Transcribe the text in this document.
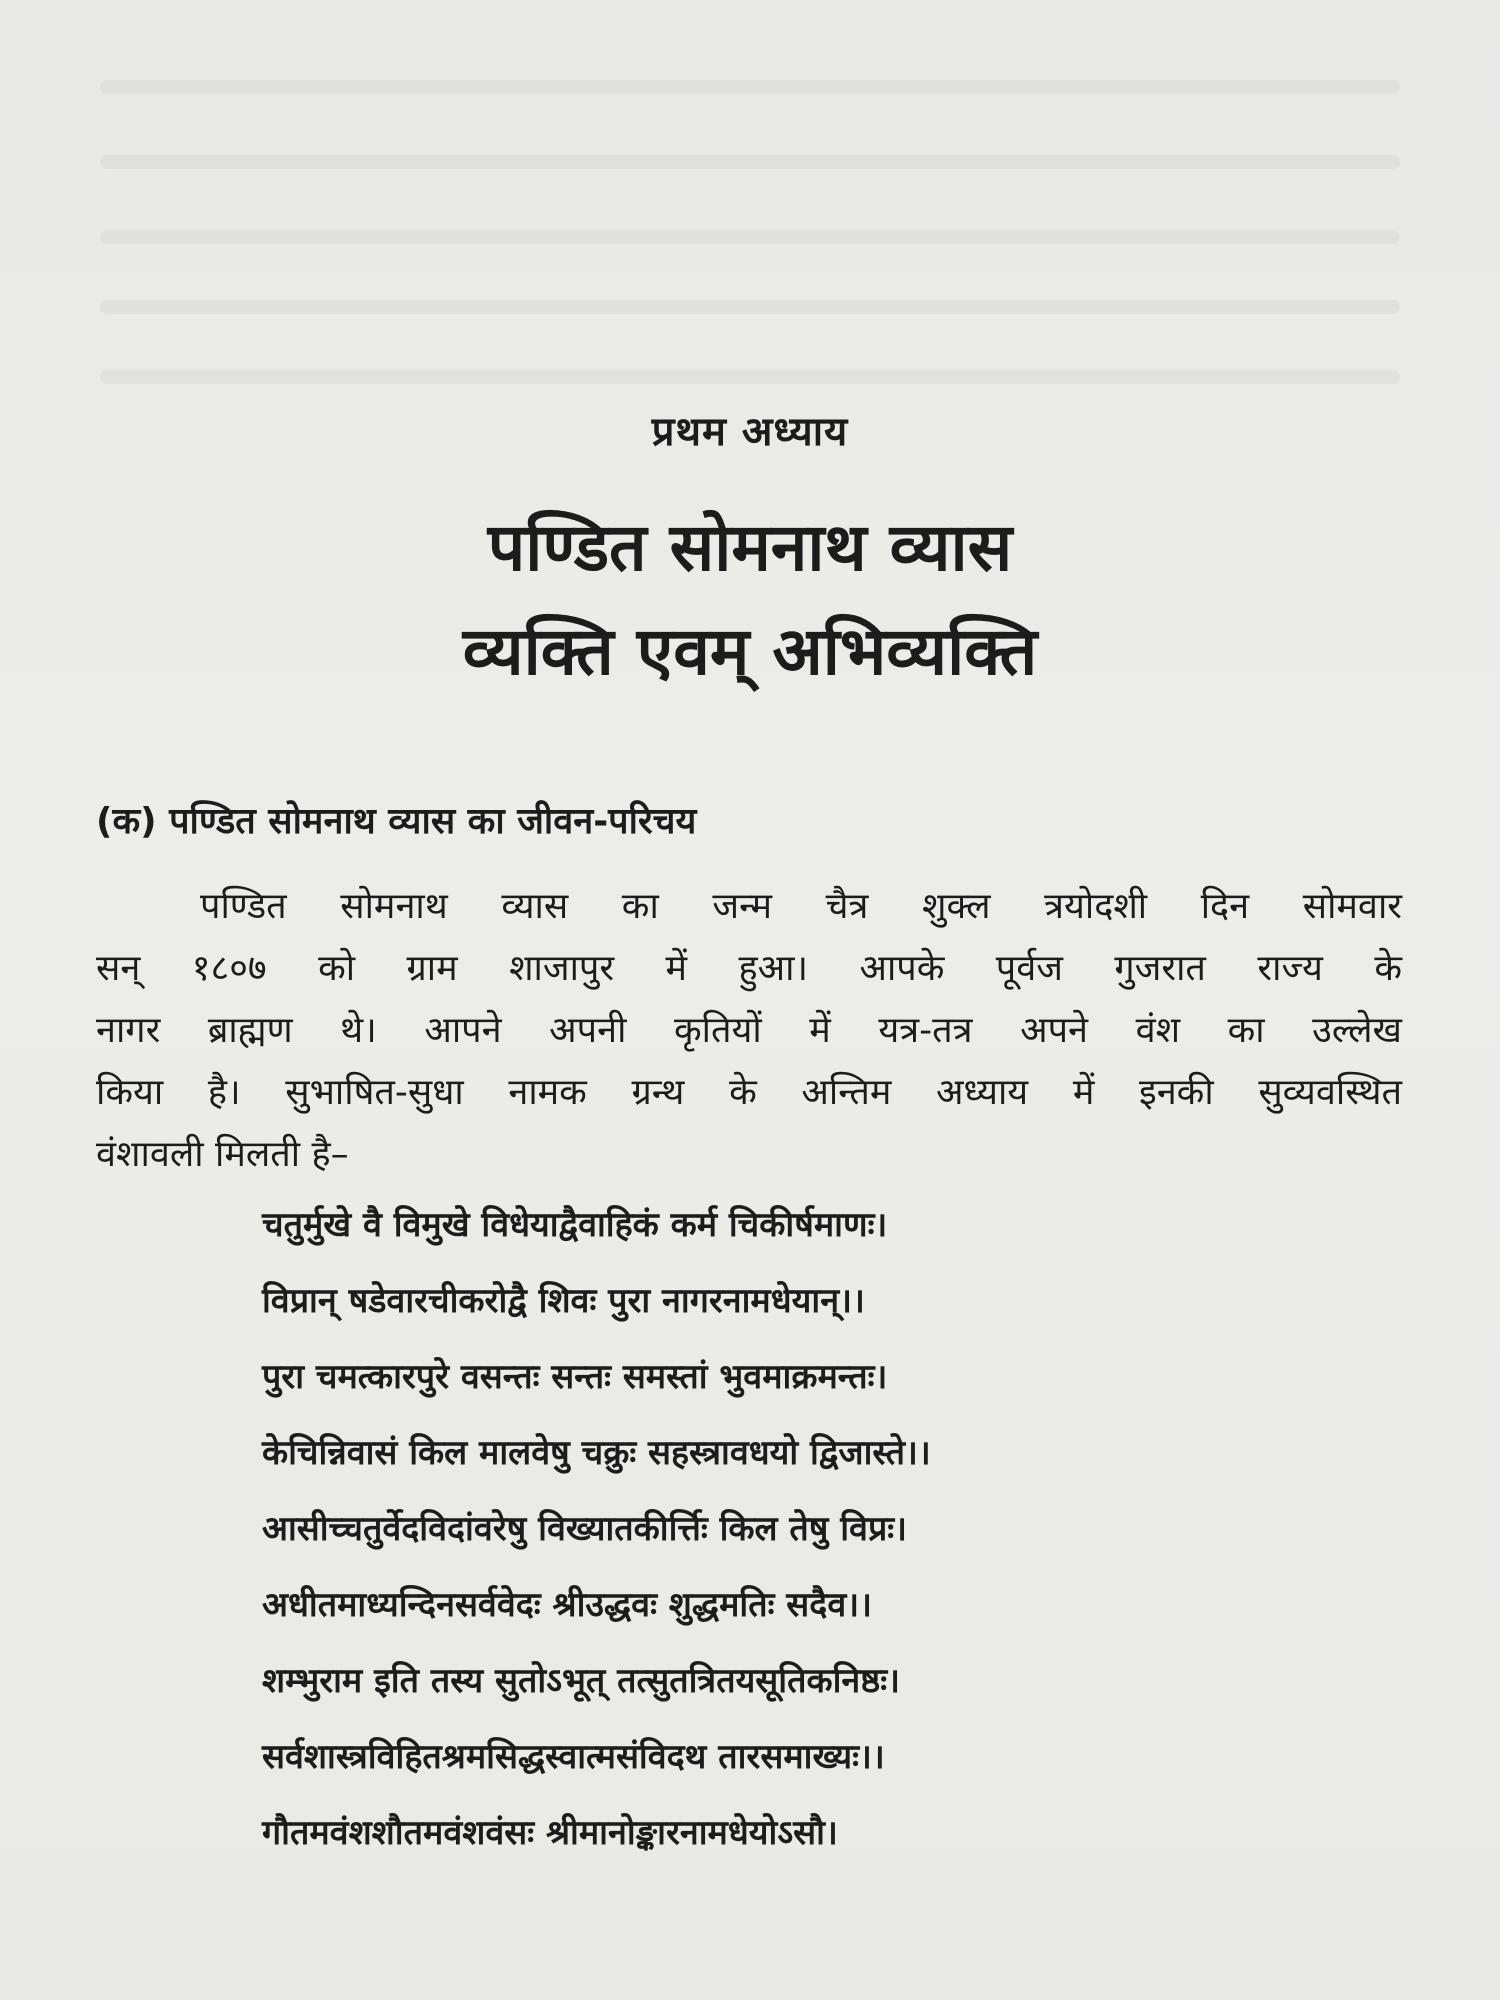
प्रथम अध्याय
पण्डित सोमनाथ व्यास
व्यक्ति एवम् अभिव्यक्ति
(क) पण्डित सोमनाथ व्यास का जीवन-परिचय
पण्डित सोमनाथ व्यास का जन्म चैत्र शुक्ल त्रयोदशी दिन सोमवार
सन् १८०७ को ग्राम शाजापुर में हुआ। आपके पूर्वज गुजरात राज्य के
नागर ब्राह्मण थे। आपने अपनी कृतियों में यत्र-तत्र अपने वंश का उल्लेख
किया है। सुभाषित-सुधा नामक ग्रन्थ के अन्तिम अध्याय में इनकी सुव्यवस्थित
वंशावली मिलती है–
चतुर्मुखे वै विमुखे विधेयाद्वैवाहिकं कर्म चिकीर्षमाणः।
विप्रान् षडेवारचीकरोद्वै शिवः पुरा नागरनामधेयान्।।
पुरा चमत्कारपुरे वसन्तः सन्तः समस्तां भुवमाक्रमन्तः।
केचिन्निवासं किल मालवेषु चक्रुः सहस्त्रावधयो द्विजास्ते।।
आसीच्चतुर्वेदविदांवरेषु विख्यातकीर्त्तिः किल तेषु विप्रः।
अधीतमाध्यन्दिनसर्ववेदः श्रीउद्धवः शुद्धमतिः सदैव।।
शम्भुराम इति तस्य सुतोऽभूत् तत्सुतत्रितयसूतिकनिष्ठः।
सर्वशास्त्रविहितश्रमसिद्धस्वात्मसंविदथ तारसमाख्यः।।
गौतमवंशशौतमवंशवंसः श्रीमानोङ्कारनामधेयोऽसौ।
